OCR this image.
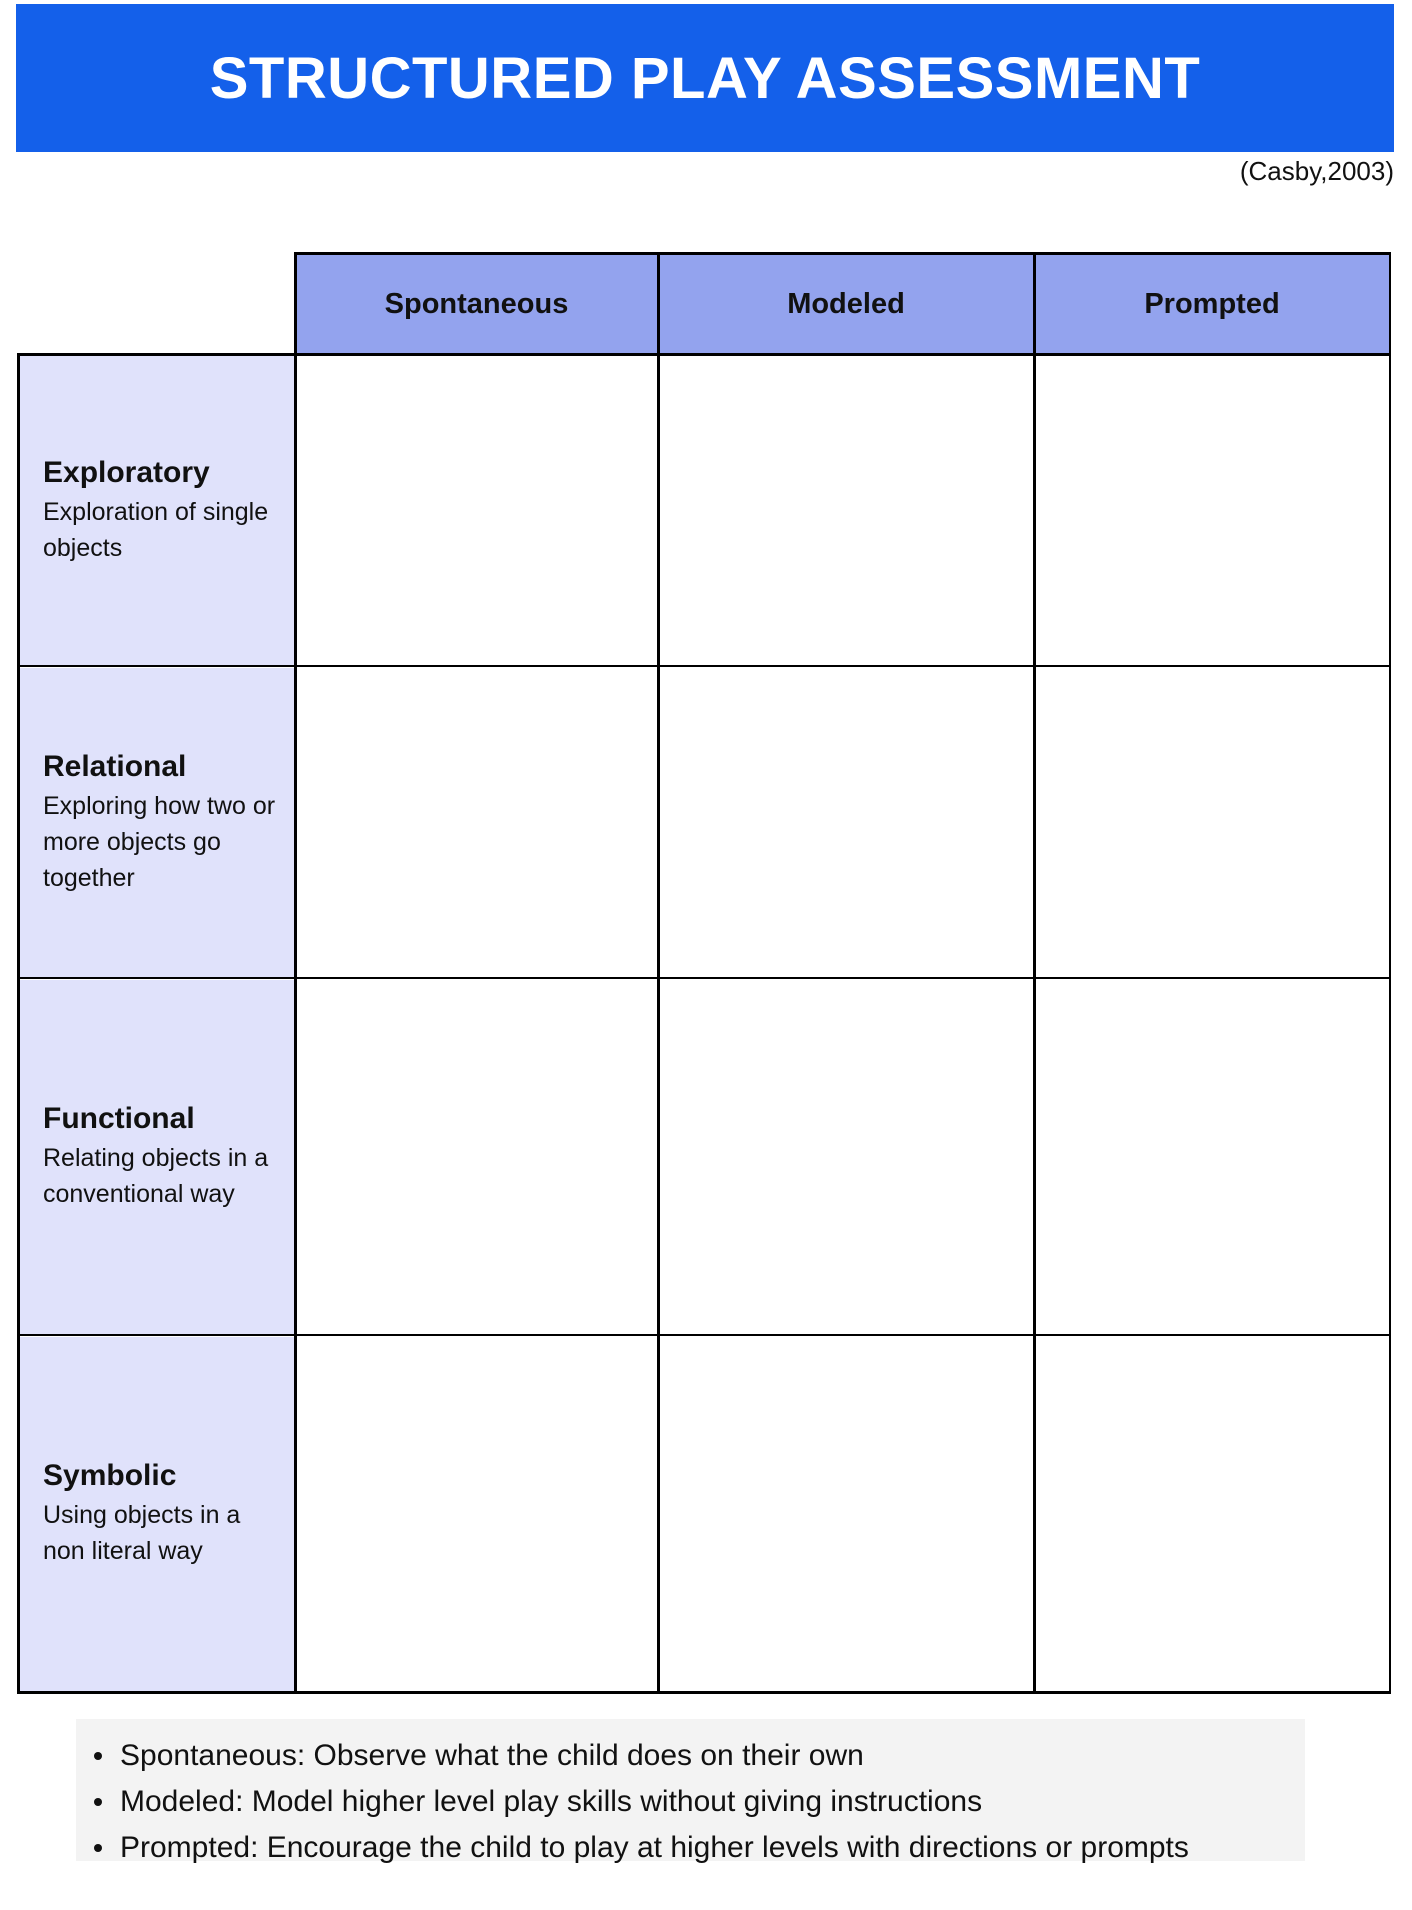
STRUCTURED PLAY ASSESSMENT
(Casby,2003)
Spontaneous	Modeled	Prompted
Exploratory
Exploration of single objects
Relational
Exploring how two or more objects go together
Functional
Relating objects in a conventional way
Symbolic
Using objects in a non literal way
Spontaneous: Observe what the child does on their own
Modeled: Model higher level play skills without giving instructions
Prompted: Encourage the child to play at higher levels with directions or prompts
